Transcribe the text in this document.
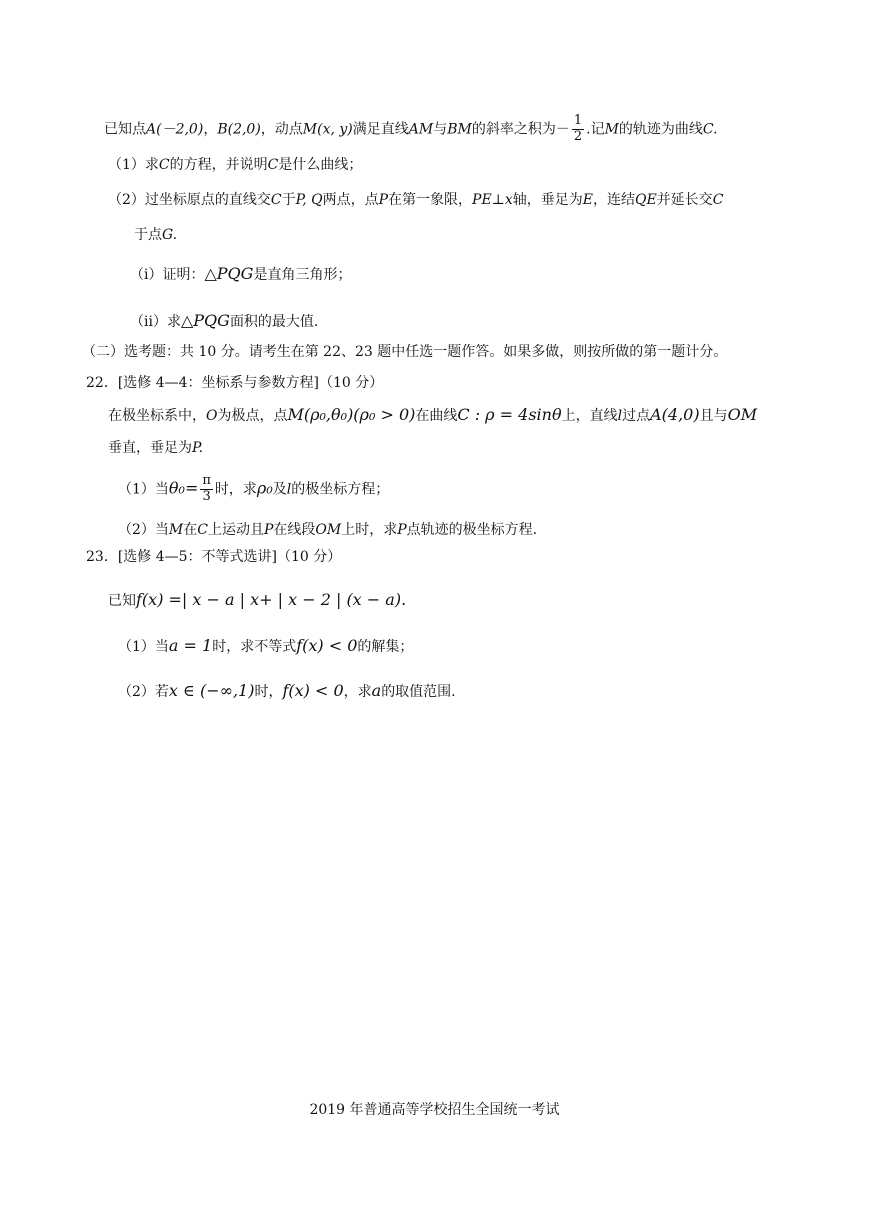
已知点A(－2,0)，B(2,0)，动点M(x, y)满足直线AM与BM的斜率之积为－ $\frac{1}{2}$ .记M的轨迹为曲线C.
（1）求C的方程，并说明C是什么曲线；
（2）过坐标原点的直线交C于P, Q两点，点P在第一象限，PE⊥x轴，垂足为E，连结QE并延长交C
于点G.
（i）证明：△PQG是直角三角形；
（ii）求△PQG面积的最大值.
（二）选考题：共 10 分。请考生在第 22、23 题中任选一题作答。如果多做，则按所做的第一题计分。
22．[选修 4—4：坐标系与参数方程]（10 分）
在极坐标系中，O为极点，点M(ρ₀,θ₀)(ρ₀ > 0)在曲线C : ρ = 4sinθ上，直线l过点A(4,0)且与OM
垂直，垂足为P.
（1）当$\theta_0= \frac{\pi}{3}$ 时，求ρ₀及l的极坐标方程；
（2）当M在C上运动且P在线段OM上时，求P点轨迹的极坐标方程.
23．[选修 4—5：不等式选讲]（10 分）
已知f(x) =| x − a | x+ | x − 2 | (x − a).
（1）当a = 1时，求不等式f(x) < 0的解集；
（2）若x ∈ (−∞,1)时，f(x) < 0，求a的取值范围.
2019 年普通高等学校招生全国统一考试
